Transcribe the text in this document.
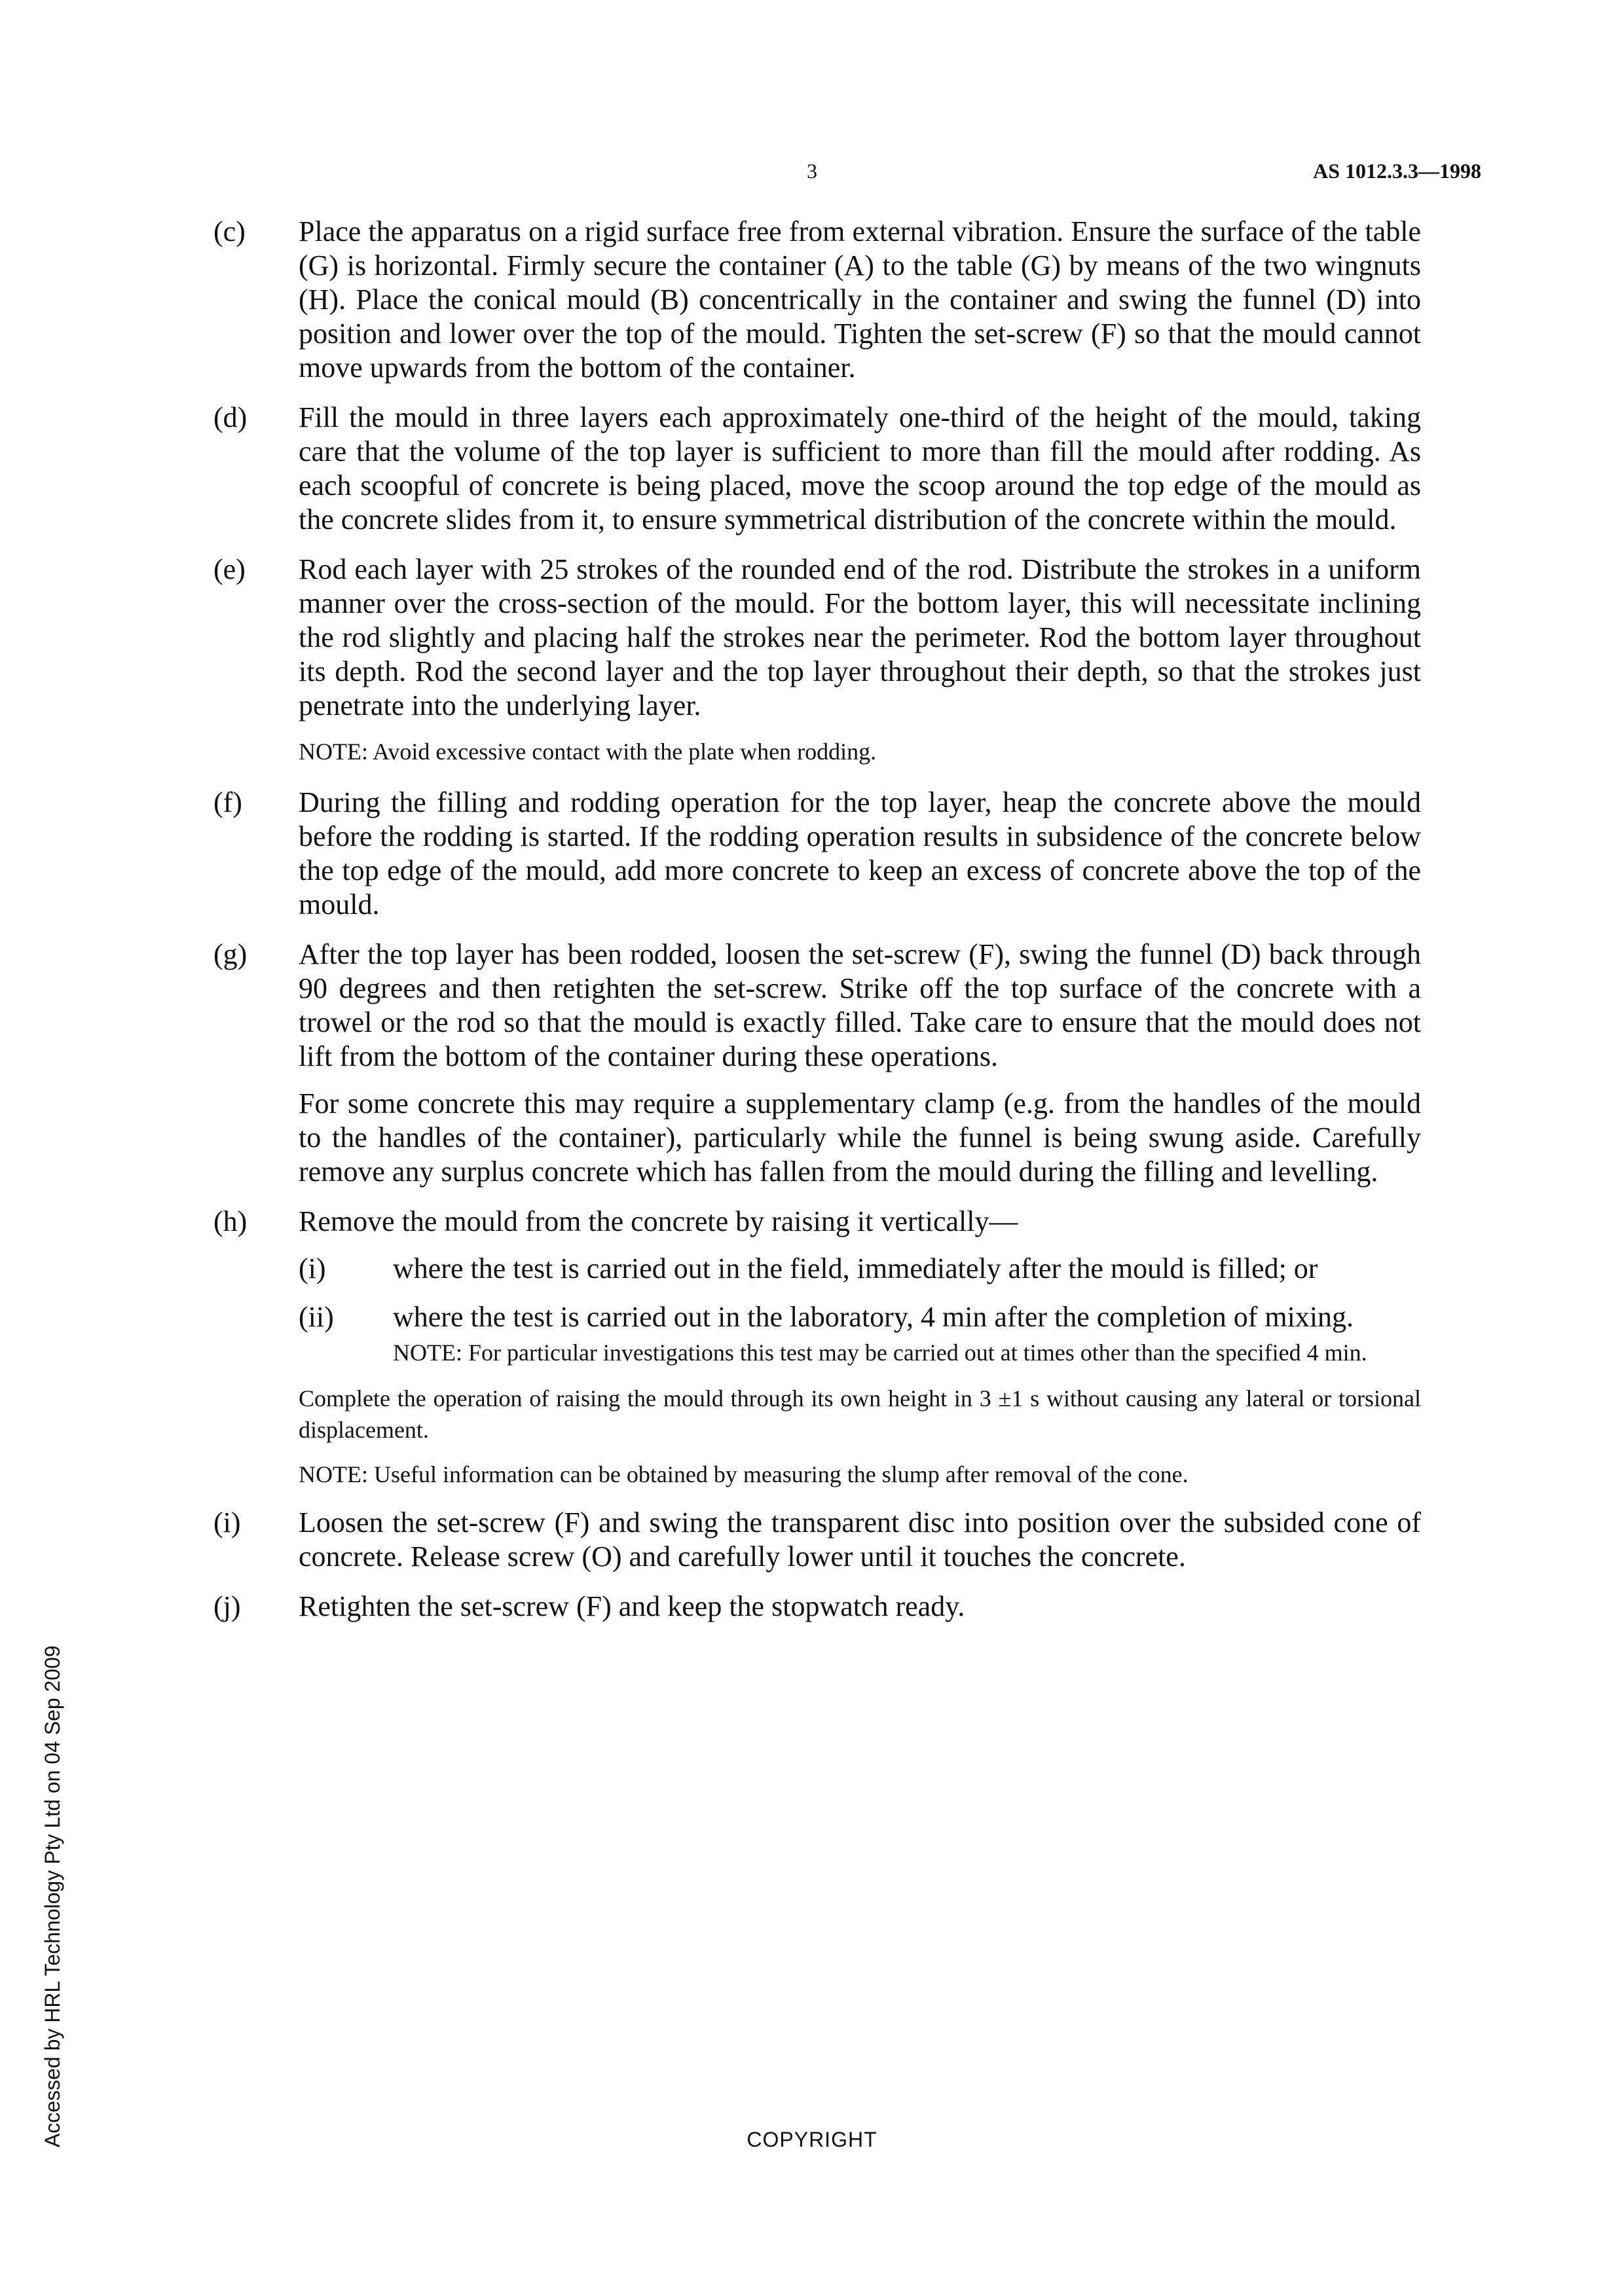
3	AS 1012.3.3—1998
(c) Place the apparatus on a rigid surface free from external vibration. Ensure the surface of the table (G) is horizontal. Firmly secure the container (A) to the table (G) by means of the two wingnuts (H). Place the conical mould (B) concentrically in the container and swing the funnel (D) into position and lower over the top of the mould. Tighten the set-screw (F) so that the mould cannot move upwards from the bottom of the container.

(d) Fill the mould in three layers each approximately one-third of the height of the mould, taking care that the volume of the top layer is sufficient to more than fill the mould after rodding. As each scoopful of concrete is being placed, move the scoop around the top edge of the mould as the concrete slides from it, to ensure symmetrical distribution of the concrete within the mould.

(e) Rod each layer with 25 strokes of the rounded end of the rod. Distribute the strokes in a uniform manner over the cross-section of the mould. For the bottom layer, this will necessitate inclining the rod slightly and placing half the strokes near the perimeter. Rod the bottom layer throughout its depth. Rod the second layer and the top layer throughout their depth, so that the strokes just penetrate into the underlying layer.

NOTE: Avoid excessive contact with the plate when rodding.
(f) During the filling and rodding operation for the top layer, heap the concrete above the mould before the rodding is started. If the rodding operation results in subsidence of the concrete below the top edge of the mould, add more concrete to keep an excess of concrete above the top of the mould.

(g) After the top layer has been rodded, loosen the set-screw (F), swing the funnel (D) back through 90 degrees and then retighten the set-screw. Strike off the top surface of the concrete with a trowel or the rod so that the mould is exactly filled. Take care to ensure that the mould does not lift from the bottom of the container during these operations.

For some concrete this may require a supplementary clamp (e.g. from the handles of the mould to the handles of the container), particularly while the funnel is being swung aside. Carefully remove any surplus concrete which has fallen from the mould during the filling and levelling.

(h) Remove the mould from the concrete by raising it vertically—

(i) where the test is carried out in the field, immediately after the mould is filled; or
(ii) where the test is carried out in the laboratory, 4 min after the completion of mixing.
NOTE: For particular investigations this test may be carried out at times other than the specified 4 min.
Complete the operation of raising the mould through its own height in 3 ±1 s without causing any lateral or torsional displacement.
NOTE: Useful information can be obtained by measuring the slump after removal of the cone.
(i) Loosen the set-screw (F) and swing the transparent disc into position over the subsided cone of concrete. Release screw (O) and carefully lower until it touches the concrete.

(j) Retighten the set-screw (F) and keep the stopwatch ready.

COPYRIGHT
Accessed by HRL Technology Pty Ltd on 04 Sep 2009
